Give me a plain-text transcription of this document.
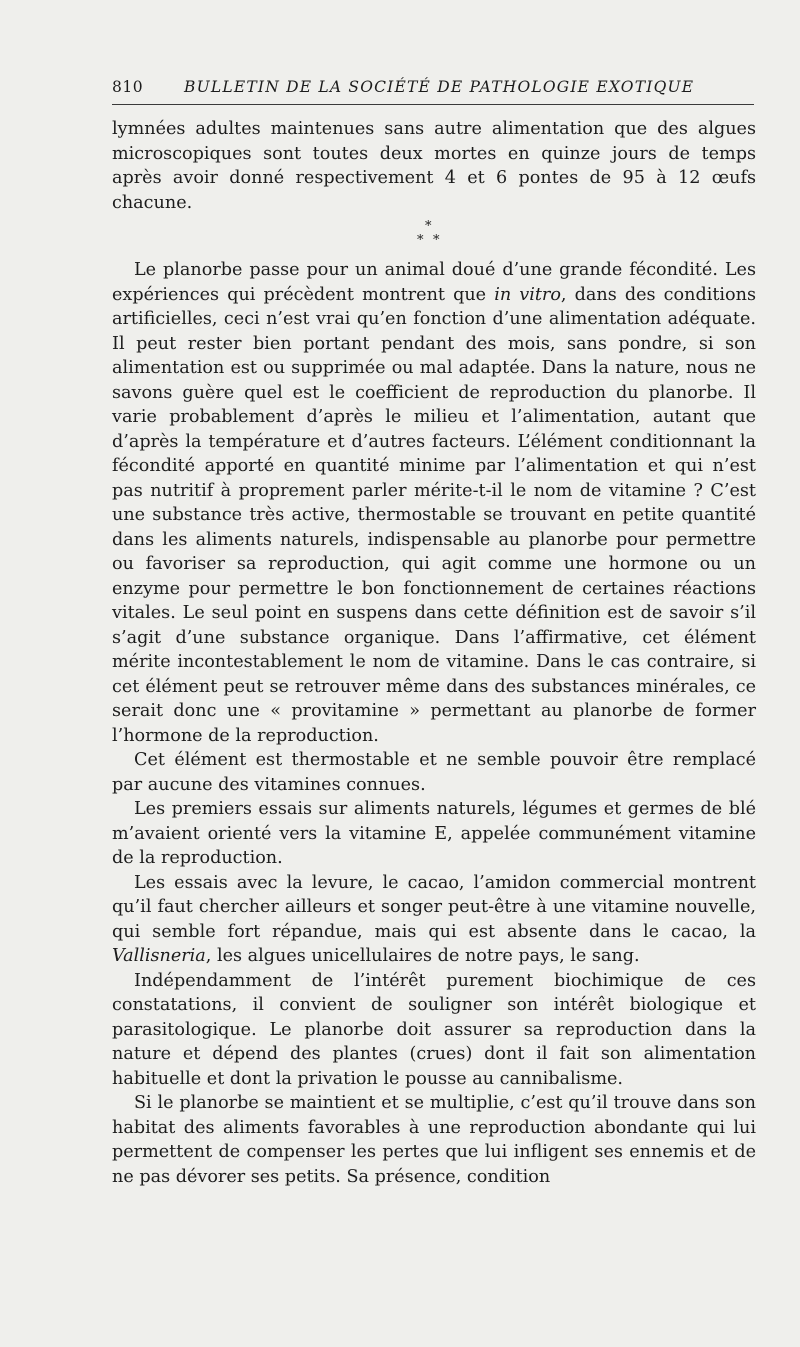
810	BULLETIN DE LA SOCIÉTÉ DE PATHOLOGIE EXOTIQUE

lymnées adultes maintenues sans autre alimentation que des algues microscopiques sont toutes deux mortes en quinze jours de temps après avoir donné respectivement 4 et 6 pontes de 95 à 12 œufs chacune.

*
* *

Le planorbe passe pour un animal doué d’une grande fécondité. Les expériences qui précèdent montrent que in vitro, dans des conditions artificielles, ceci n’est vrai qu’en fonction d’une alimentation adéquate. Il peut rester bien portant pendant des mois, sans pondre, si son alimentation est ou supprimée ou mal adaptée. Dans la nature, nous ne savons guère quel est le coefficient de reproduction du planorbe. Il varie probablement d’après le milieu et l’alimentation, autant que d’après la température et d’autres facteurs. L’élément conditionnant la fécondité apporté en quantité minime par l’alimentation et qui n’est pas nutritif à proprement parler mérite-t-il le nom de vitamine ? C’est une substance très active, thermostable se trouvant en petite quantité dans les aliments naturels, indispensable au planorbe pour permettre ou favoriser sa reproduction, qui agit comme une hormone ou un enzyme pour permettre le bon fonctionnement de certaines réactions vitales. Le seul point en suspens dans cette définition est de savoir s’il s’agit d’une substance organique. Dans l’affirmative, cet élément mérite incontestablement le nom de vitamine. Dans le cas contraire, si cet élément peut se retrouver même dans des substances minérales, ce serait donc une « provitamine » permettant au planorbe de former l’hormone de la reproduction.

Cet élément est thermostable et ne semble pouvoir être remplacé par aucune des vitamines connues.

Les premiers essais sur aliments naturels, légumes et germes de blé m’avaient orienté vers la vitamine E, appelée communément vitamine de la reproduction.

Les essais avec la levure, le cacao, l’amidon commercial montrent qu’il faut chercher ailleurs et songer peut-être à une vitamine nouvelle, qui semble fort répandue, mais qui est absente dans le cacao, la Vallisneria, les algues unicellulaires de notre pays, le sang.

Indépendamment de l’intérêt purement biochimique de ces constatations, il convient de souligner son intérêt biologique et parasitologique. Le planorbe doit assurer sa reproduction dans la nature et dépend des plantes (crues) dont il fait son alimentation habituelle et dont la privation le pousse au cannibalisme.

Si le planorbe se maintient et se multiplie, c’est qu’il trouve dans son habitat des aliments favorables à une reproduction abondante qui lui permettent de compenser les pertes que lui infligent ses ennemis et de ne pas dévorer ses petits. Sa présence, condition
